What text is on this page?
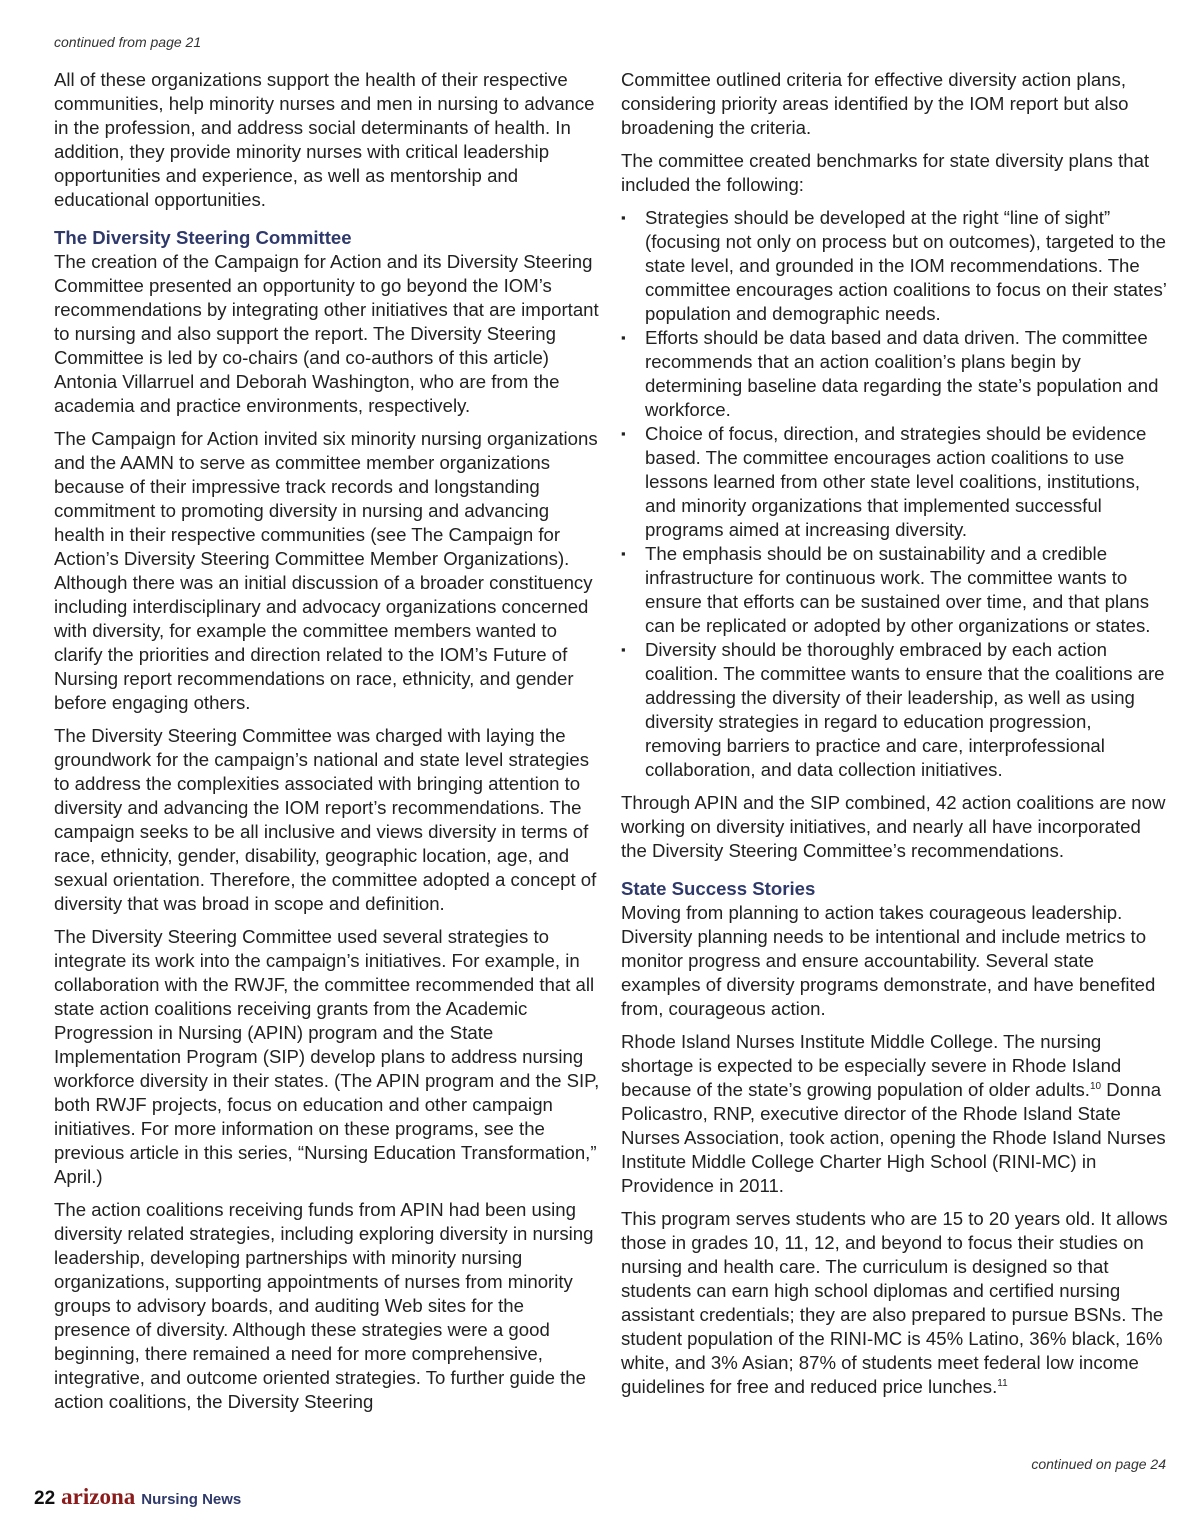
continued from page 21

All of these organizations support the health of their respective communities, help minority nurses and men in nursing to advance in the profession, and address social determinants of health. In addition, they provide minority nurses with critical leadership opportunities and experience, as well as mentorship and educational opportunities.

The Diversity Steering Committee

The creation of the Campaign for Action and its Diversity Steering Committee presented an opportunity to go beyond the IOM’s recommendations by integrating other initiatives that are important to nursing and also support the report. The Diversity Steering Committee is led by co-chairs (and co-authors of this article) Antonia Villarruel and Deborah Washington, who are from the academia and practice environments, respectively.

The Campaign for Action invited six minority nursing organizations and the AAMN to serve as committee member organizations because of their impressive track records and longstanding commitment to promoting diversity in nursing and advancing health in their respective communities (see The Campaign for Action’s Diversity Steering Committee Member Organizations). Although there was an initial discussion of a broader constituency including interdisciplinary and advocacy organizations concerned with diversity, for example the committee members wanted to clarify the priorities and direction related to the IOM’s Future of Nursing report recommendations on race, ethnicity, and gender before engaging others.

The Diversity Steering Committee was charged with laying the groundwork for the campaign’s national and state level strategies to address the complexities associated with bringing attention to diversity and advancing the IOM report’s recommendations. The campaign seeks to be all inclusive and views diversity in terms of race, ethnicity, gender, disability, geographic location, age, and sexual orientation. Therefore, the committee adopted a concept of diversity that was broad in scope and definition.

The Diversity Steering Committee used several strategies to integrate its work into the campaign’s initiatives. For example, in collaboration with the RWJF, the committee recommended that all state action coalitions receiving grants from the Academic Progression in Nursing (APIN) program and the State Implementation Program (SIP) develop plans to address nursing workforce diversity in their states. (The APIN program and the SIP, both RWJF projects, focus on education and other campaign initiatives. For more information on these programs, see the previous article in this series, “Nursing Education Transformation,” April.)

The action coalitions receiving funds from APIN had been using diversity related strategies, including exploring diversity in nursing leadership, developing partnerships with minority nursing organizations, supporting appointments of nurses from minority groups to advisory boards, and auditing Web sites for the presence of diversity. Although these strategies were a good beginning, there remained a need for more comprehensive, integrative, and outcome oriented strategies. To further guide the action coalitions, the Diversity Steering

Committee outlined criteria for effective diversity action plans, considering priority areas identified by the IOM report but also broadening the criteria.

The committee created benchmarks for state diversity plans that included the following:

▪ Strategies should be developed at the right “line of sight” (focusing not only on process but on outcomes), targeted to the state level, and grounded in the IOM recommendations. The committee encourages action coalitions to focus on their states’ population and demographic needs.
▪ Efforts should be data based and data driven. The committee recommends that an action coalition’s plans begin by determining baseline data regarding the state’s population and workforce.
▪ Choice of focus, direction, and strategies should be evidence based. The committee encourages action coalitions to use lessons learned from other state level coalitions, institutions, and minority organizations that implemented successful programs aimed at increasing diversity.
▪ The emphasis should be on sustainability and a credible infrastructure for continuous work. The committee wants to ensure that efforts can be sustained over time, and that plans can be replicated or adopted by other organizations or states.
▪ Diversity should be thoroughly embraced by each action coalition. The committee wants to ensure that the coalitions are addressing the diversity of their leadership, as well as using diversity strategies in regard to education progression, removing barriers to practice and care, interprofessional collaboration, and data collection initiatives.

Through APIN and the SIP combined, 42 action coalitions are now working on diversity initiatives, and nearly all have incorporated the Diversity Steering Committee’s recommendations.

State Success Stories

Moving from planning to action takes courageous leadership. Diversity planning needs to be intentional and include metrics to monitor progress and ensure accountability. Several state examples of diversity programs demonstrate, and have benefited from, courageous action.

Rhode Island Nurses Institute Middle College. The nursing shortage is expected to be especially severe in Rhode Island because of the state’s growing population of older adults.$^{10}$ Donna Policastro, RNP, executive director of the Rhode Island State Nurses Association, took action, opening the Rhode Island Nurses Institute Middle College Charter High School (RINI-MC) in Providence in 2011.

This program serves students who are 15 to 20 years old. It allows those in grades 10, 11, 12, and beyond to focus their studies on nursing and health care. The curriculum is designed so that students can earn high school diplomas and certified nursing assistant credentials; they are also prepared to pursue BSNs. The student population of the RINI-MC is 45% Latino, 36% black, 16% white, and 3% Asian; 87% of students meet federal low income guidelines for free and reduced price lunches.$^{11}$

continued on page 24
22 arizona Nursing News
